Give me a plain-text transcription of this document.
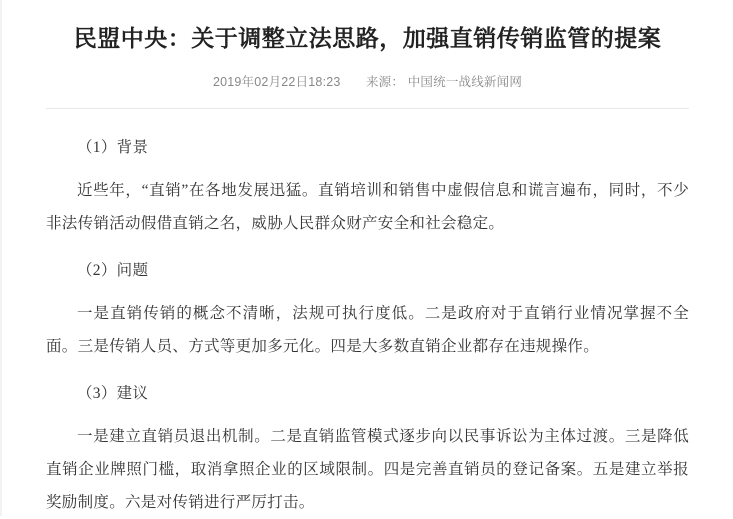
民盟中央：关于调整立法思路，加强直销传销监管的提案
2019年02月22日18:23 来源： 中国统一战线新闻网

（1）背景

近些年，“直销”在各地发展迅猛。直销培训和销售中虚假信息和谎言遍布，同时，不少非法传销活动假借直销之名，威胁人民群众财产安全和社会稳定。

（2）问题

一是直销传销的概念不清晰，法规可执行度低。二是政府对于直销行业情况掌握不全面。三是传销人员、方式等更加多元化。四是大多数直销企业都存在违规操作。

（3）建议

一是建立直销员退出机制。二是直销监管模式逐步向以民事诉讼为主体过渡。三是降低直销企业牌照门槛，取消拿照企业的区域限制。四是完善直销员的登记备案。五是建立举报奖励制度。六是对传销进行严厉打击。
